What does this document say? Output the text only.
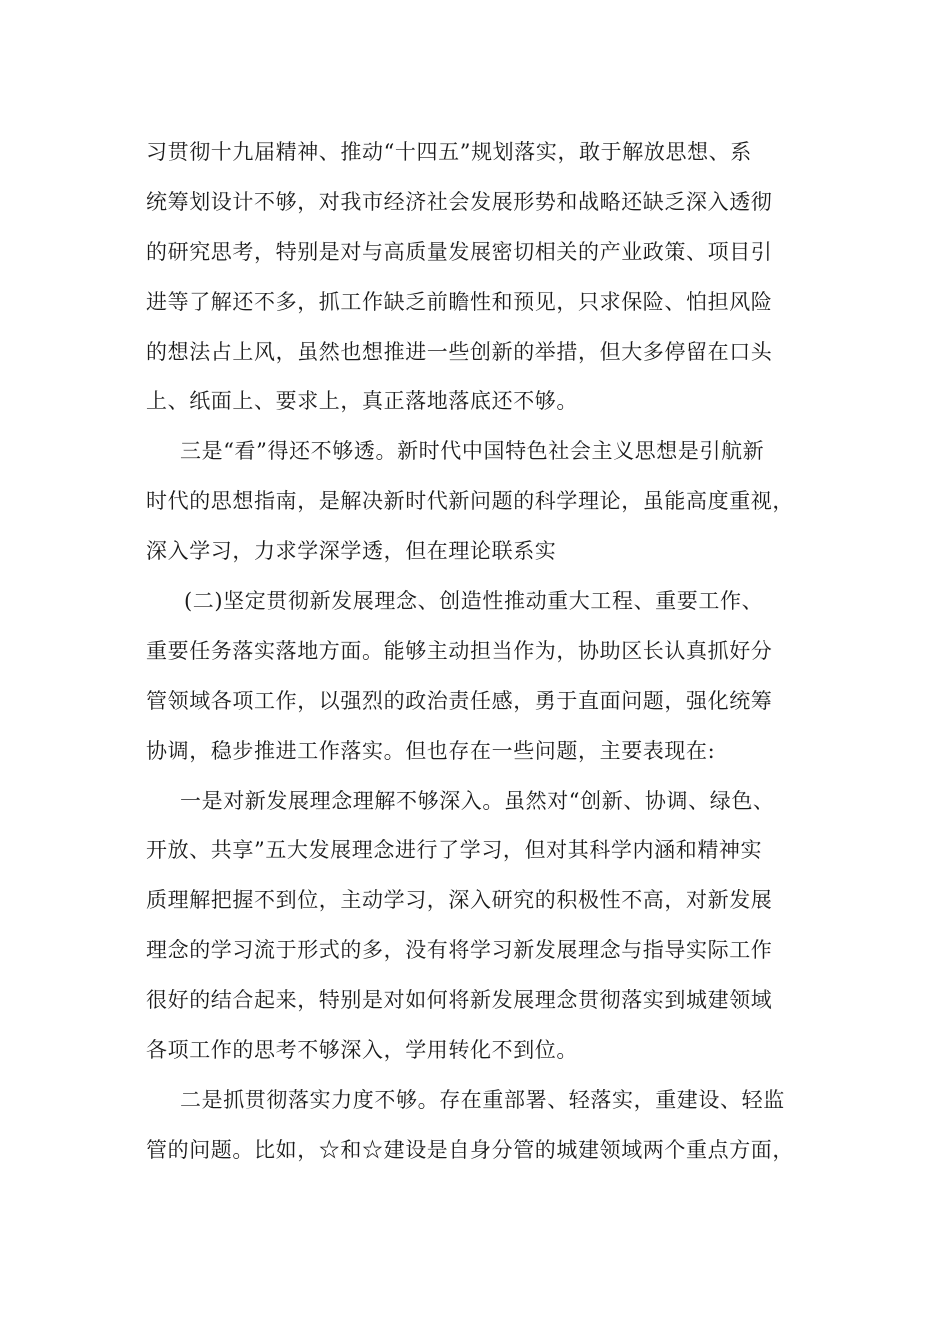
习贯彻十九届精神、推动“十四五”规划落实，敢于解放思想、系
统筹划设计不够，对我市经济社会发展形势和战略还缺乏深入透彻
的研究思考，特别是对与高质量发展密切相关的产业政策、项目引
进等了解还不多，抓工作缺乏前瞻性和预见，只求保险、怕担风险
的想法占上风，虽然也想推进一些创新的举措，但大多停留在口头
上、纸面上、要求上，真正落地落底还不够。
三是“看”得还不够透。新时代中国特色社会主义思想是引航新
时代的思想指南，是解决新时代新问题的科学理论，虽能高度重视，
深入学习，力求学深学透，但在理论联系实
(二)坚定贯彻新发展理念、创造性推动重大工程、重要工作、
重要任务落实落地方面。能够主动担当作为，协助区长认真抓好分
管领域各项工作，以强烈的政治责任感，勇于直面问题，强化统筹
协调，稳步推进工作落实。但也存在一些问题，主要表现在:
一是对新发展理念理解不够深入。虽然对“创新、协调、绿色、
开放、共享”五大发展理念进行了学习，但对其科学内涵和精神实
质理解把握不到位，主动学习，深入研究的积极性不高，对新发展
理念的学习流于形式的多，没有将学习新发展理念与指导实际工作
很好的结合起来，特别是对如何将新发展理念贯彻落实到城建领域
各项工作的思考不够深入，学用转化不到位。
二是抓贯彻落实力度不够。存在重部署、轻落实，重建设、轻监
管的问题。比如，☆和☆建设是自身分管的城建领域两个重点方面，
